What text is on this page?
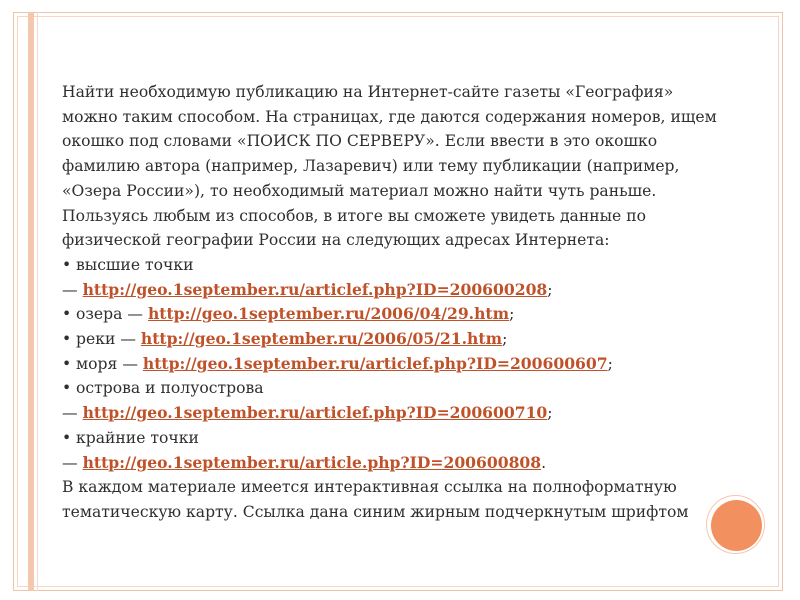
Найти необходимую публикацию на Интернет-сайте газеты «География»
можно таким способом. На страницах, где даются содержания номеров, ищем
окошко под словами «ПОИСК ПО СЕРВЕРУ». Если ввести в это окошко
фамилию автора (например, Лазаревич) или тему публикации (например,
«Озера России»), то необходимый материал можно найти чуть раньше.
Пользуясь любым из способов, в итоге вы сможете увидеть данные по
физической географии России на следующих адресах Интернета:
• высшие точки
— http://geo.1september.ru/articlef.php?ID=200600208;
• озера — http://geo.1september.ru/2006/04/29.htm;
• реки — http://geo.1september.ru/2006/05/21.htm;
• моря — http://geo.1september.ru/articlef.php?ID=200600607;
• острова и полуострова
— http://geo.1september.ru/articlef.php?ID=200600710;
• крайние точки
— http://geo.1september.ru/article.php?ID=200600808.
В каждом материале имеется интерактивная ссылка на полноформатную
тематическую карту. Ссылка дана синим жирным подчеркнутым шрифтом
